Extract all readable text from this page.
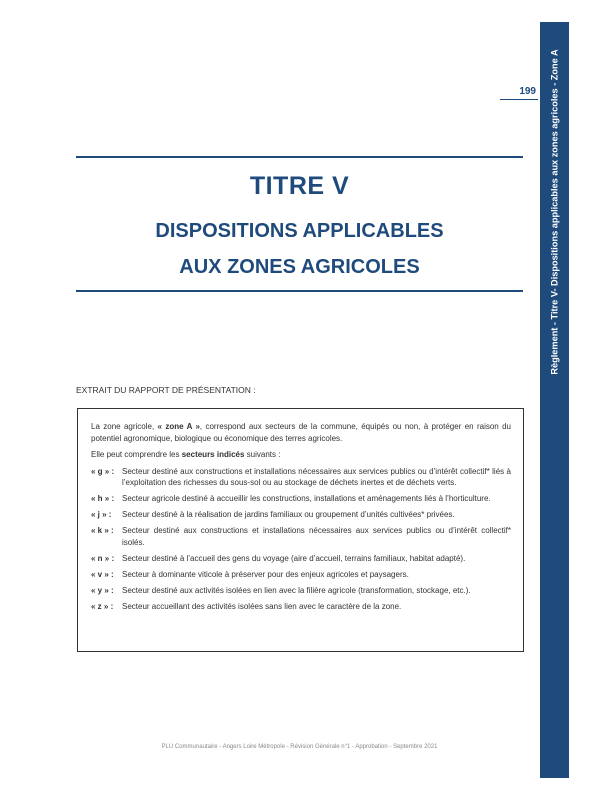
Règlement - Titre V- Dispositions applicables aux zones agricoles - Zone A
199
TITRE V
DISPOSITIONS APPLICABLES
AUX ZONES AGRICOLES
EXTRAIT DU RAPPORT DE PRÉSENTATION :

La zone agricole, « zone A », correspond aux secteurs de la commune, équipés ou non, à protéger en raison du potentiel agronomique, biologique ou économique des terres agricoles.

Elle peut comprendre les secteurs indicés suivants :

« g » : Secteur destiné aux constructions et installations nécessaires aux services publics ou d’intérêt collectif* liés à l’exploitation des richesses du sous-sol ou au stockage de déchets inertes et de déchets verts.
« h » : Secteur agricole destiné à accueillir les constructions, installations et aménagements liés à l’horticulture.
« j » :	Secteur destiné à la réalisation de jardins familiaux ou groupement d’unités cultivées* privées.
« k » :	Secteur destiné aux constructions et installations nécessaires aux services publics ou d’intérêt collectif* isolés.
« n » : Secteur destiné à l’accueil des gens du voyage (aire d’accueil, terrains familiaux, habitat adapté).
« v » :	Secteur à dominante viticole à préserver pour des enjeux agricoles et paysagers.
« y » :	Secteur destiné aux activités isolées en lien avec la filière agricole (transformation, stockage, etc.).
« z » :	Secteur accueillant des activités isolées sans lien avec le caractère de la zone.
PLU Communautaire - Angers Loire Métropole - Révision Générale n°1 - Approbation - Septembre 2021
